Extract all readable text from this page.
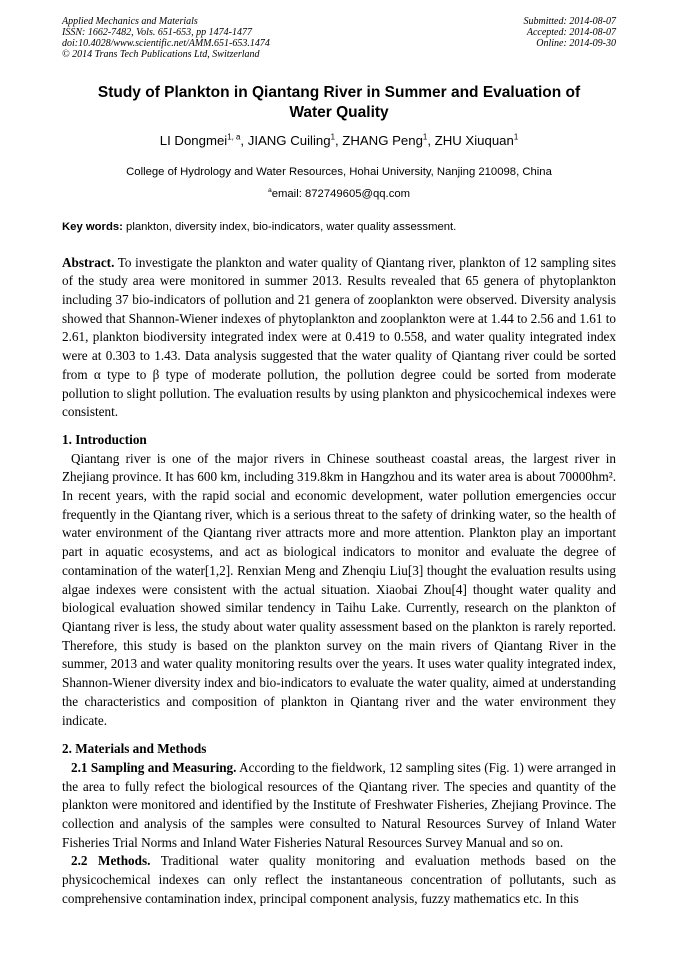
Applied Mechanics and Materials
ISSN: 1662-7482, Vols. 651-653, pp 1474-1477
doi:10.4028/www.scientific.net/AMM.651-653.1474
© 2014 Trans Tech Publications Ltd, Switzerland
Submitted: 2014-08-07
Accepted: 2014-08-07
Online: 2014-09-30
Study of Plankton in Qiantang River in Summer and Evaluation of Water Quality
LI Dongmei$^{1, a}$, JIANG Cuiling$^1$, ZHANG Peng$^1$, ZHU Xiuquan$^1$
College of Hydrology and Water Resources, Hohai University, Nanjing 210098, China
$^a$email: 872749605@qq.com
Key words: plankton, diversity index, bio-indicators, water quality assessment.

Abstract. To investigate the plankton and water quality of Qiantang river, plankton of 12 sampling sites of the study area were monitored in summer 2013. Results revealed that 65 genera of phytoplankton including 37 bio-indicators of pollution and 21 genera of zooplankton were observed. Diversity analysis showed that Shannon-Wiener indexes of phytoplankton and zooplankton were at 1.44 to 2.56 and 1.61 to 2.61, plankton biodiversity integrated index were at 0.419 to 0.558, and water quality integrated index were at 0.303 to 1.43. Data analysis suggested that the water quality of Qiantang river could be sorted from α type to β type of moderate pollution, the pollution degree could be sorted from moderate pollution to slight pollution. The evaluation results by using plankton and physicochemical indexes were consistent.

1. Introduction

Qiantang river is one of the major rivers in Chinese southeast coastal areas, the largest river in Zhejiang province. It has 600 km, including 319.8km in Hangzhou and its water area is about 70000hm². In recent years, with the rapid social and economic development, water pollution emergencies occur frequently in the Qiantang river, which is a serious threat to the safety of drinking water, so the health of water environment of the Qiantang river attracts more and more attention. Plankton play an important part in aquatic ecosystems, and act as biological indicators to monitor and evaluate the degree of contamination of the water[1,2]. Renxian Meng and Zhenqiu Liu[3] thought the evaluation results using algae indexes were consistent with the actual situation. Xiaobai Zhou[4] thought water quality and biological evaluation showed similar tendency in Taihu Lake. Currently, research on the plankton of Qiantang river is less, the study about water quality assessment based on the plankton is rarely reported. Therefore, this study is based on the plankton survey on the main rivers of Qiantang River in the summer, 2013 and water quality monitoring results over the years. It uses water quality integrated index, Shannon-Wiener diversity index and bio-indicators to evaluate the water quality, aimed at understanding the characteristics and composition of plankton in Qiantang river and the water environment they indicate.

2. Materials and Methods

2.1 Sampling and Measuring. According to the fieldwork, 12 sampling sites (Fig. 1) were arranged in the area to fully refect the biological resources of the Qiantang river. The species and quantity of the plankton were monitored and identified by the Institute of Freshwater Fisheries, Zhejiang Province. The collection and analysis of the samples were consulted to Natural Resources Survey of Inland Water Fisheries Trial Norms and Inland Water Fisheries Natural Resources Survey Manual and so on.

2.2 Methods. Traditional water quality monitoring and evaluation methods based on the physicochemical indexes can only reflect the instantaneous concentration of pollutants, such as comprehensive contamination index, principal component analysis, fuzzy mathematics etc. In this
